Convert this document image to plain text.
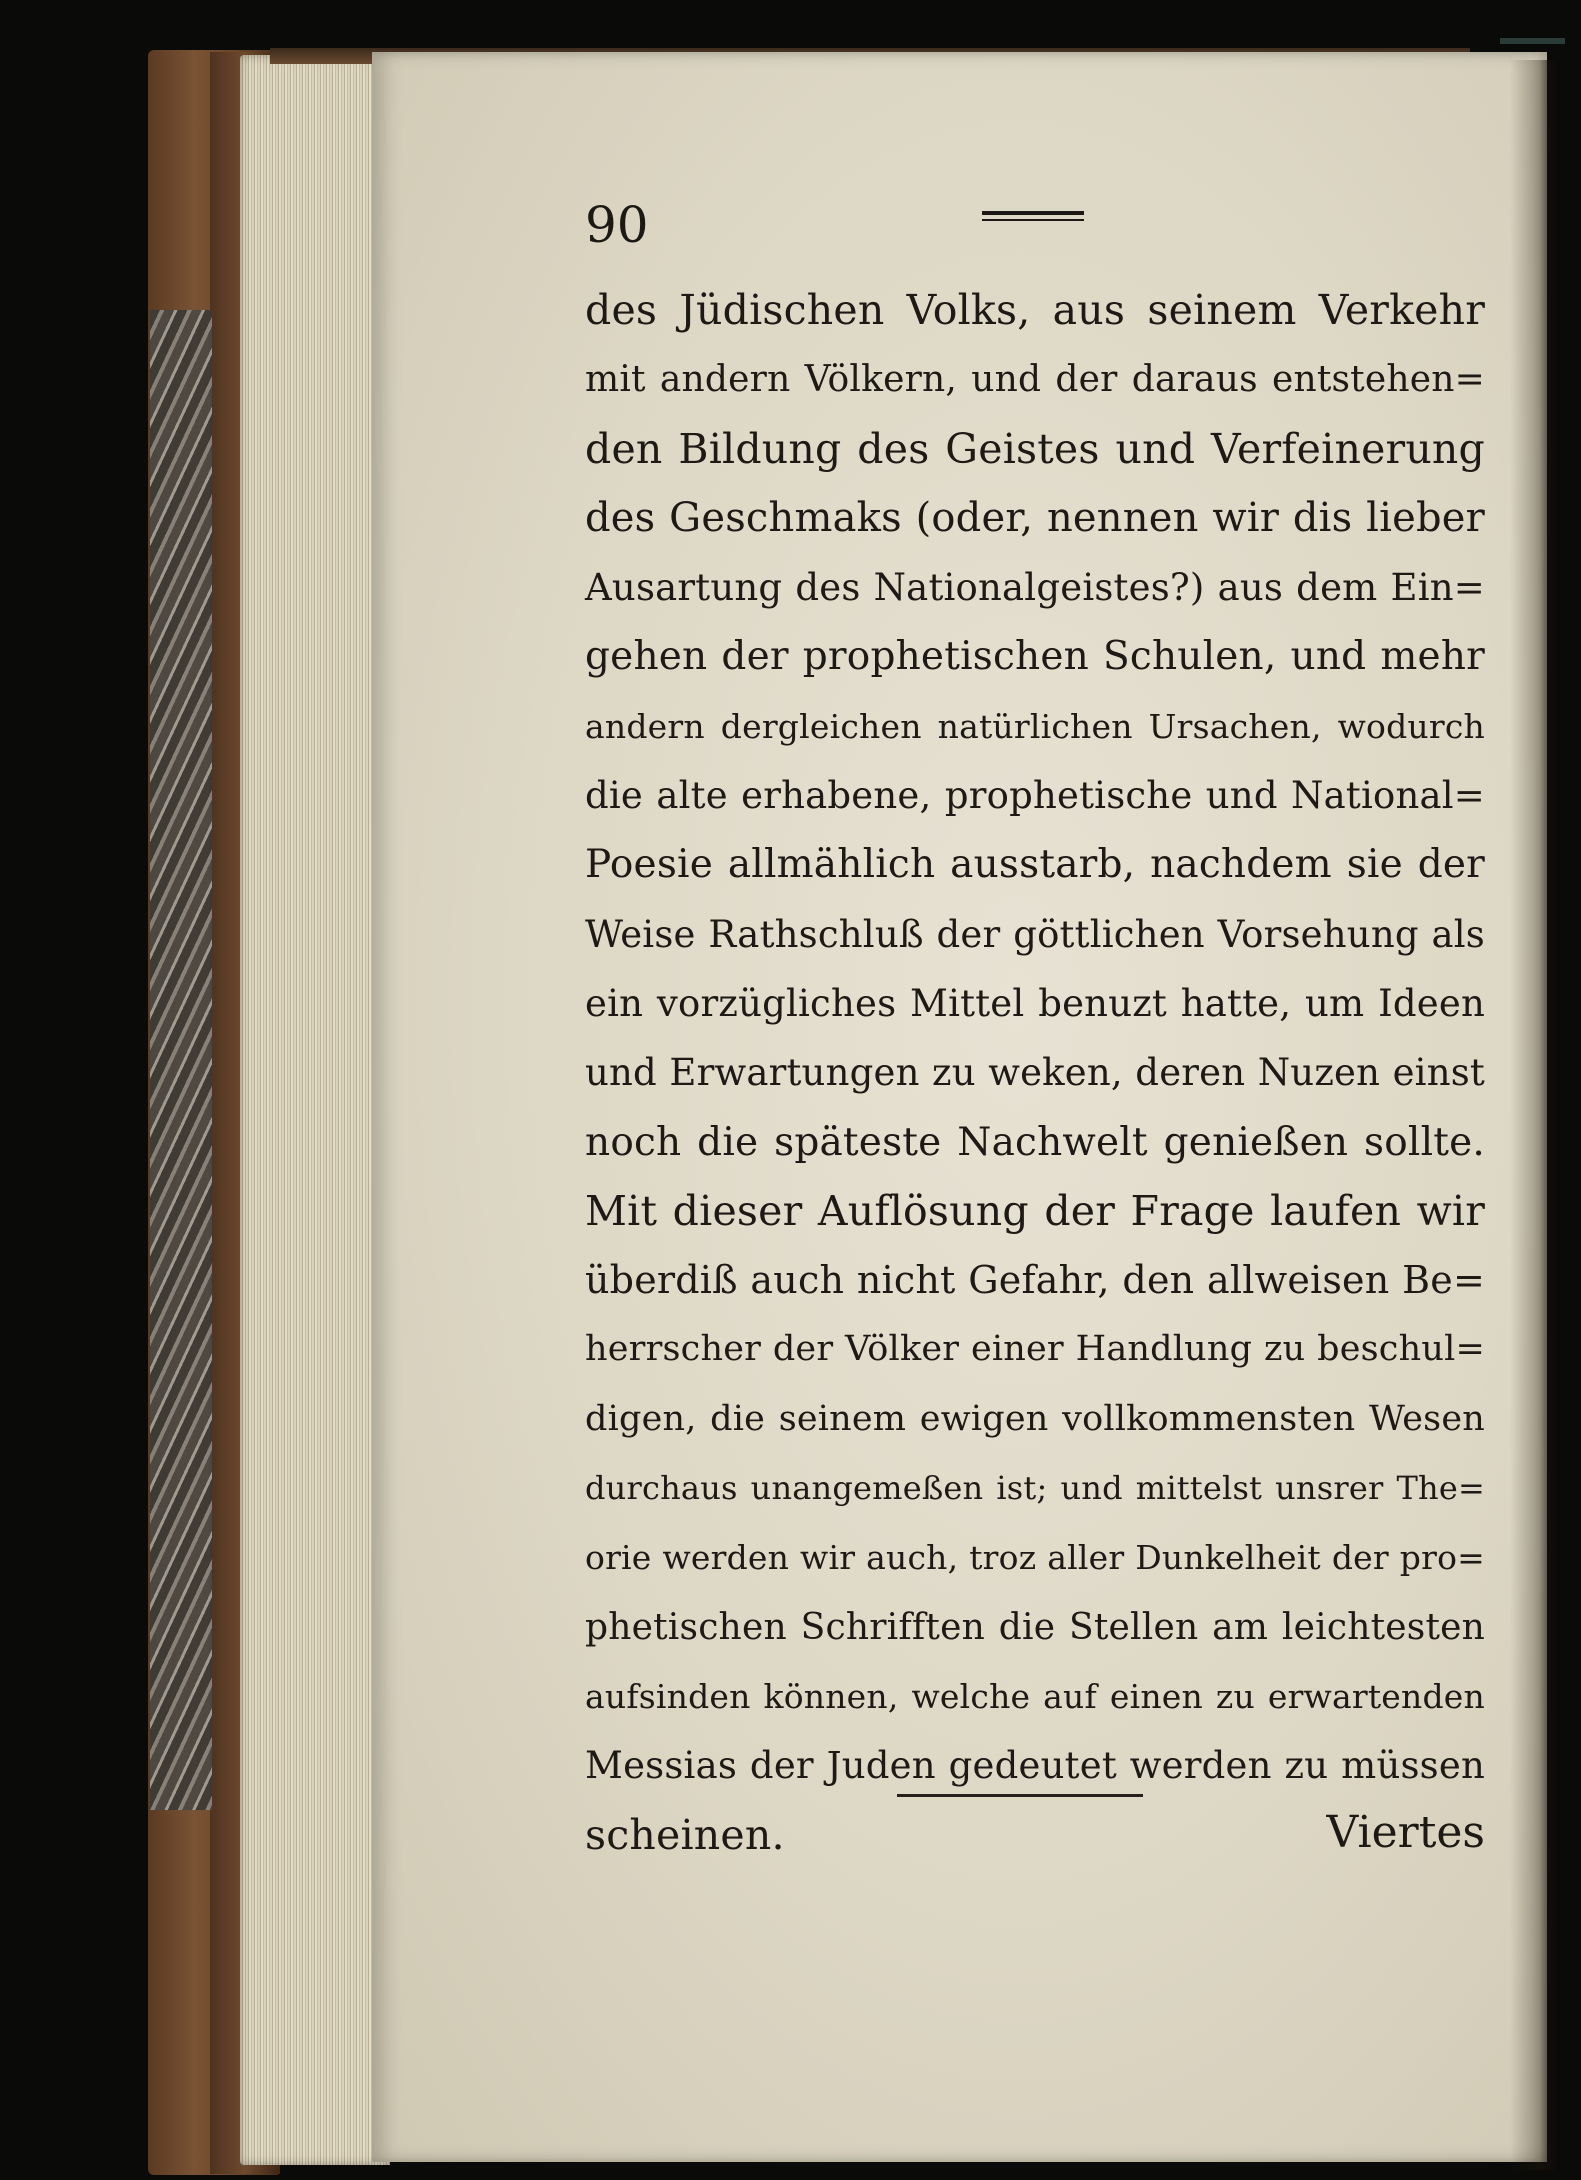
90
des Jüdischen Volks, aus seinem Verkehr
mit andern Völkern, und der daraus entstehen=
den Bildung des Geistes und Verfeinerung
des Geschmaks (oder, nennen wir dis lieber
Ausartung des Nationalgeistes?) aus dem Ein=
gehen der prophetischen Schulen, und mehr
andern dergleichen natürlichen Ursachen, wodurch
die alte erhabene, prophetische und National=
Poesie allmählich ausstarb, nachdem sie der
Weise Rathschluß der göttlichen Vorsehung als
ein vorzügliches Mittel benuzt hatte, um Ideen
und Erwartungen zu weken, deren Nuzen einst
noch die späteste Nachwelt genießen sollte.
Mit dieser Auflösung der Frage laufen wir
überdiß auch nicht Gefahr, den allweisen Be=
herrscher der Völker einer Handlung zu beschul=
digen, die seinem ewigen vollkommensten Wesen
durchaus unangemeßen ist; und mittelst unsrer The=
orie werden wir auch, troz aller Dunkelheit der pro=
phetischen Schrifften die Stellen am leichtesten
aufsinden können, welche auf einen zu erwartenden
Messias der Juden gedeutet werden zu müssen
scheinen.	Viertes
